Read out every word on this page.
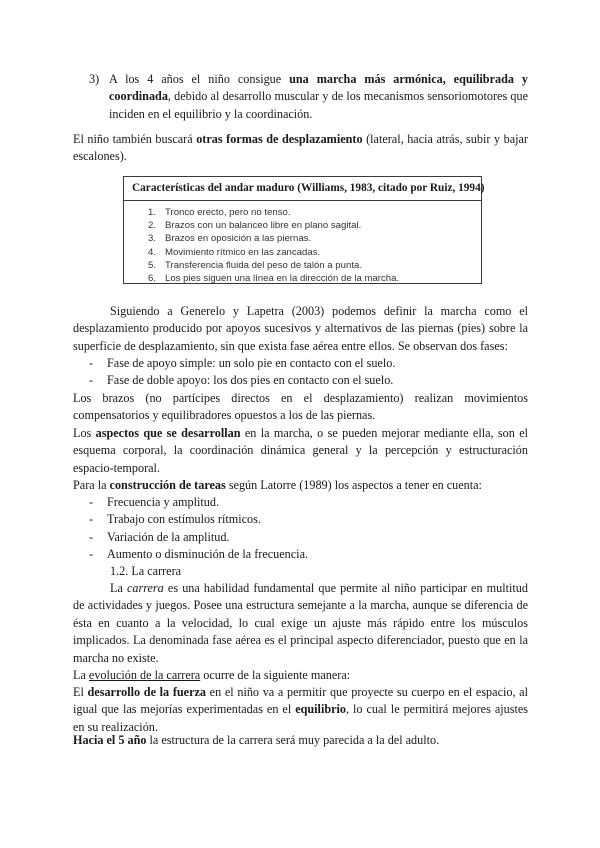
3) A los 4 años el niño consigue una marcha más armónica, equilibrada y coordinada, debido al desarrollo muscular y de los mecanismos sensoriomotores que inciden en el equilibrio y la coordinación.

El niño también buscará otras formas de desplazamiento (lateral, hacia atrás, subir y bajar escalones).

Características del andar maduro (Williams, 1983, citado por Ruiz, 1994)
1. Tronco erecto, pero no tenso.
2. Brazos con un balanceo libre en plano sagital.
3. Brazos en oposición a las piernas.
4. Movimiento rítmico en las zancadas.
5. Transferencia fluida del peso de talón a punta.
6. Los pies siguen una línea en la dirección de la marcha.

Siguiendo a Generelo y Lapetra (2003) podemos definir la marcha como el desplazamiento producido por apoyos sucesivos y alternativos de las piernas (pies) sobre la superficie de desplazamiento, sin que exista fase aérea entre ellos. Se observan dos fases:

- Fase de apoyo simple: un solo pie en contacto con el suelo.
- Fase de doble apoyo: los dos pies en contacto con el suelo.

Los brazos (no partícipes directos en el desplazamiento) realizan movimientos compensatorios y equilibradores opuestos a los de las piernas.

Los aspectos que se desarrollan en la marcha, o se pueden mejorar mediante ella, son el esquema corporal, la coordinación dinámica general y la percepción y estructuración espacio-temporal.

Para la construcción de tareas según Latorre (1989) los aspectos a tener en cuenta:

- Frecuencia y amplitud.
- Trabajo con estímulos rítmicos.
- Variación de la amplitud.
- Aumento o disminución de la frecuencia.

1.2. La carrera

La carrera es una habilidad fundamental que permite al niño participar en multitud de actividades y juegos. Posee una estructura semejante a la marcha, aunque se diferencia de ésta en cuanto a la velocidad, lo cual exige un ajuste más rápido entre los músculos implicados. La denominada fase aérea es el principal aspecto diferenciador, puesto que en la marcha no existe.

La evolución de la carrera ocurre de la siguiente manera:

El desarrollo de la fuerza en el niño va a permitir que proyecte su cuerpo en el espacio, al igual que las mejorías experimentadas en el equilibrio, lo cual le permitirá mejores ajustes en su realización.

Hacia el 5 año la estructura de la carrera será muy parecida a la del adulto.
